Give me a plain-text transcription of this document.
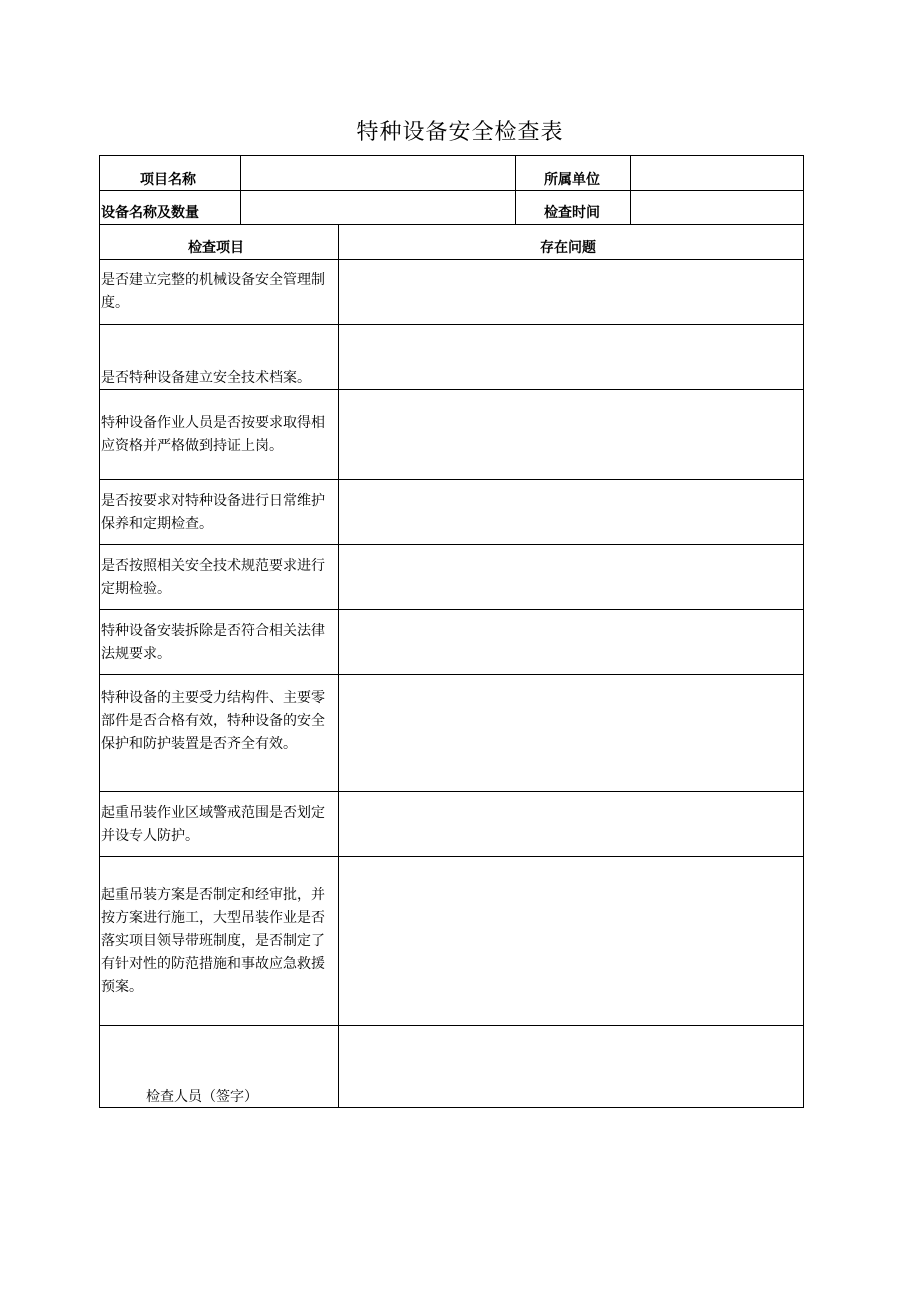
特种设备安全检查表
项目名称	所属单位
设备名称及数量	检查时间
检查项目	存在问题
是否建立完整的机械设备安全管理制度。
是否特种设备建立安全技术档案。
特种设备作业人员是否按要求取得相应资格并严格做到持证上岗。
是否按要求对特种设备进行日常维护保养和定期检查。
是否按照相关安全技术规范要求进行定期检验。
特种设备安装拆除是否符合相关法律法规要求。
特种设备的主要受力结构件、主要零部件是否合格有效，特种设备的安全保护和防护装置是否齐全有效。
起重吊装作业区域警戒范围是否划定并设专人防护。
起重吊装方案是否制定和经审批，并按方案进行施工，大型吊装作业是否落实项目领导带班制度，是否制定了有针对性的防范措施和事故应急救援预案。
检查人员（签字）
